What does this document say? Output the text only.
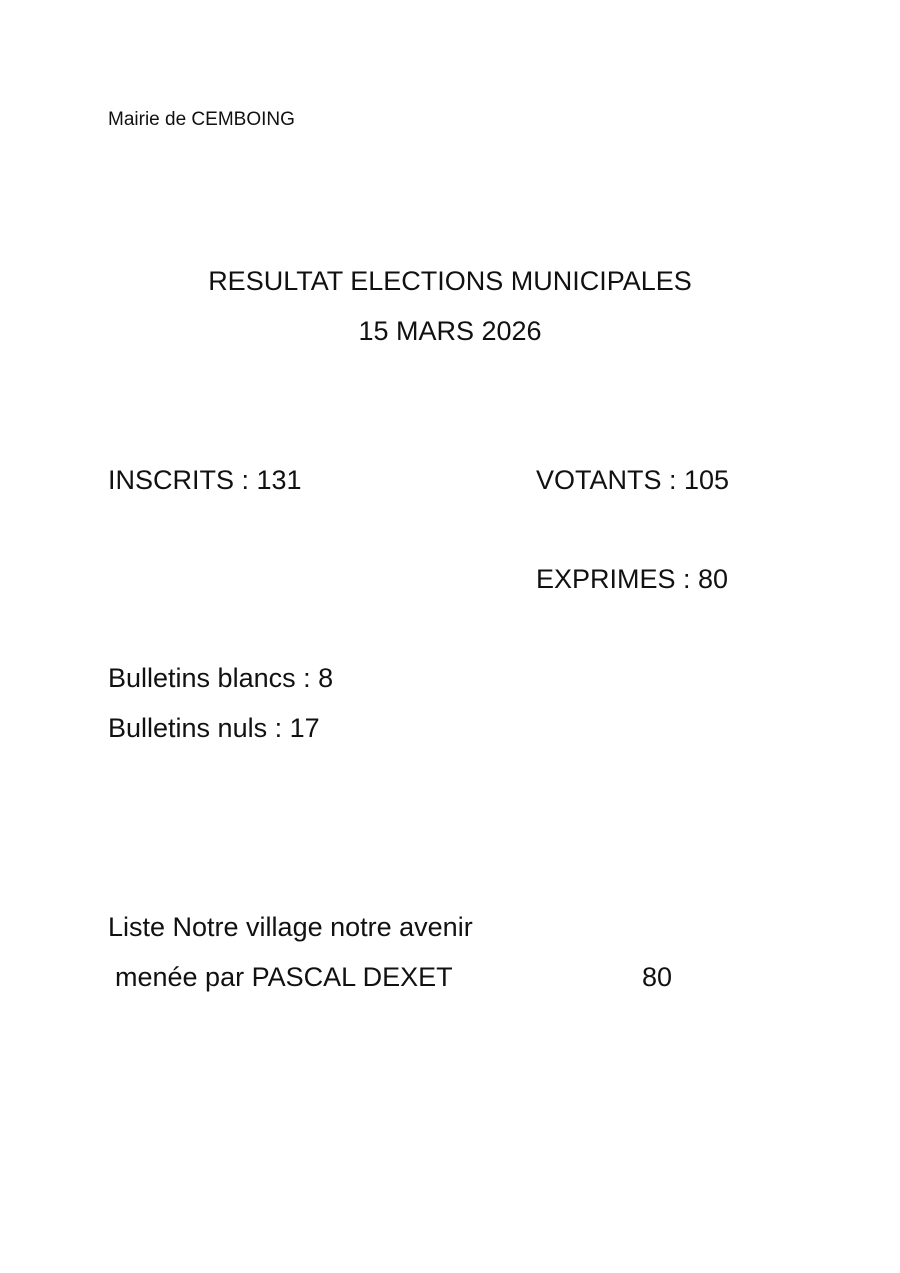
Mairie de CEMBOING
RESULTAT ELECTIONS MUNICIPALES
15 MARS 2026
INSCRITS : 131	VOTANTS : 105
EXPRIMES : 80
Bulletins blancs : 8
Bulletins nuls : 17
Liste Notre village notre avenir
menée par PASCAL DEXET	80
